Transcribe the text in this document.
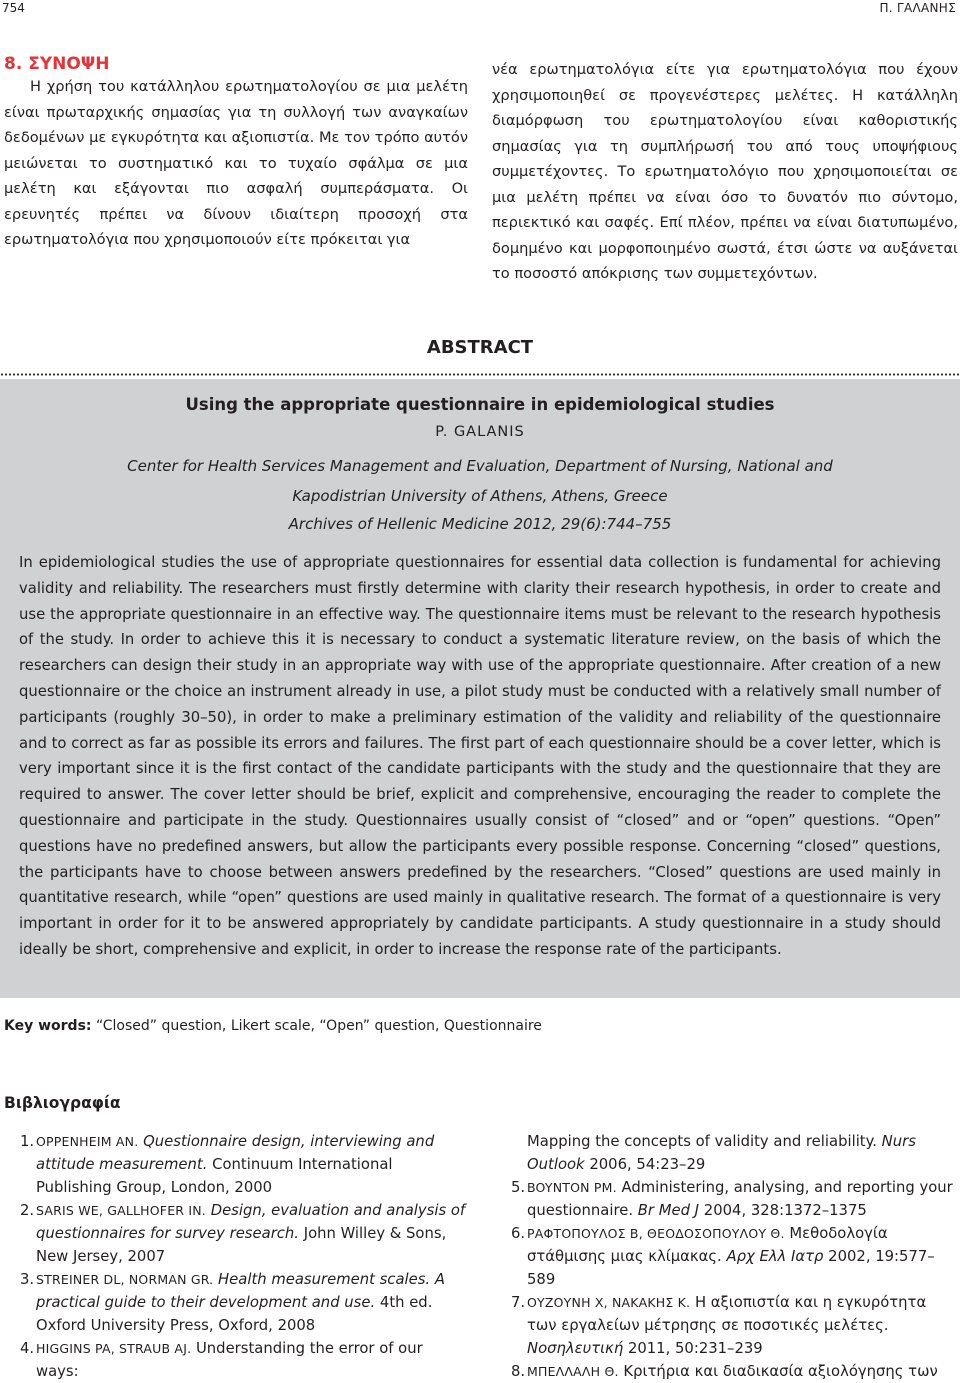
754	Π. ΓΑΛΑΝΗΣ
8. ΣΥΝΟΨΗ

Η χρήση του κατάλληλου ερωτηματολογίου σε μια μελέτη είναι πρωταρχικής σημασίας για τη συλλογή των αναγκαίων δεδομένων με εγκυρότητα και αξιοπιστία. Με τον τρόπο αυτόν μειώνεται το συστηματικό και το τυχαίο σφάλμα σε μια μελέτη και εξάγονται πιο ασφαλή συμπεράσματα. Οι ερευνητές πρέπει να δίνουν ιδιαίτερη προσοχή στα ερωτηματολόγια που χρησιμοποιούν είτε πρόκειται για

νέα ερωτηματολόγια είτε για ερωτηματολόγια που έχουν χρησιμοποιηθεί σε προγενέστερες μελέτες. Η κατάλληλη διαμόρφωση του ερωτηματολογίου είναι καθοριστικής σημασίας για τη συμπλήρωσή του από τους υποψήφιους συμμετέχοντες. Το ερωτηματολόγιο που χρησιμοποιείται σε μια μελέτη πρέπει να είναι όσο το δυνατόν πιο σύντομο, περιεκτικό και σαφές. Επί πλέον, πρέπει να είναι διατυπωμένο, δομημένο και μορφοποιημένο σωστά, έτσι ώστε να αυξάνεται το ποσοστό απόκρισης των συμμετεχόντων.

ABSTRACT
Using the appropriate questionnaire in epidemiological studies
P. GALANIS
Center for Health Services Management and Evaluation, Department of Nursing, National and Kapodistrian University of Athens, Athens, Greece
Archives of Hellenic Medicine 2012, 29(6):744–755
In epidemiological studies the use of appropriate questionnaires for essential data collection is fundamental for achieving validity and reliability. The researchers must firstly determine with clarity their research hypothesis, in order to create and use the appropriate questionnaire in an effective way. The questionnaire items must be relevant to the research hypothesis of the study. In order to achieve this it is necessary to conduct a systematic literature review, on the basis of which the researchers can design their study in an appropriate way with use of the appropriate questionnaire. After creation of a new questionnaire or the choice an instrument already in use, a pilot study must be conducted with a relatively small number of participants (roughly 30–50), in order to make a preliminary estimation of the validity and reliability of the questionnaire and to correct as far as possible its errors and failures. The first part of each questionnaire should be a cover letter, which is very important since it is the first contact of the candidate participants with the study and the questionnaire that they are required to answer. The cover letter should be brief, explicit and comprehensive, encouraging the reader to complete the questionnaire and participate in the study. Questionnaires usually consist of “closed” and or “open” questions. “Open” questions have no predefined answers, but allow the participants every possible response. Concerning “closed” questions, the participants have to choose between answers predefined by the researchers. “Closed” questions are used mainly in quantitative research, while “open” questions are used mainly in qualitative research. The format of a questionnaire is very important in order for it to be answered appropriately by candidate participants. A study questionnaire in a study should ideally be short, comprehensive and explicit, in order to increase the response rate of the participants.
Key words: “Closed” question, Likert scale, “Open” question, Questionnaire
Βιβλιογραφία
1. OPPENHEIM AN. Questionnaire design, interviewing and attitude measurement. Continuum International Publishing Group, London, 2000
2. SARIS WE, GALLHOFER IN. Design, evaluation and analysis of questionnaires for survey research. John Willey & Sons, New Jersey, 2007
3. STREINER DL, NORMAN GR. Health measurement scales. A practical guide to their development and use. 4th ed. Oxford University Press, Oxford, 2008
4. HIGGINS PA, STRAUB AJ. Understanding the error of our ways:
Mapping the concepts of validity and reliability. Nurs Outlook 2006, 54:23–29
5. BOYNTON PM. Administering, analysing, and reporting your questionnaire. Br Med J 2004, 328:1372–1375
6. ΡΑΦΤΟΠΟΥΛΟΣ Β, ΘΕΟΔΟΣΟΠΟΥΛΟΥ Θ. Μεθοδολογία στάθμισης μιας κλίμακας. Αρχ Ελλ Ιατρ 2002, 19:577–589
7. ΟΥΖΟΥΝΗ Χ, ΝΑΚΑΚΗΣ Κ. Η αξιοπιστία και η εγκυρότητα των εργαλείων μέτρησης σε ποσοτικές μελέτες. Νοσηλευτική 2011, 50:231–239
8. ΜΠΕΛΛΑΛΗ Θ. Κριτήρια και διαδικασία αξιολόγησης των
